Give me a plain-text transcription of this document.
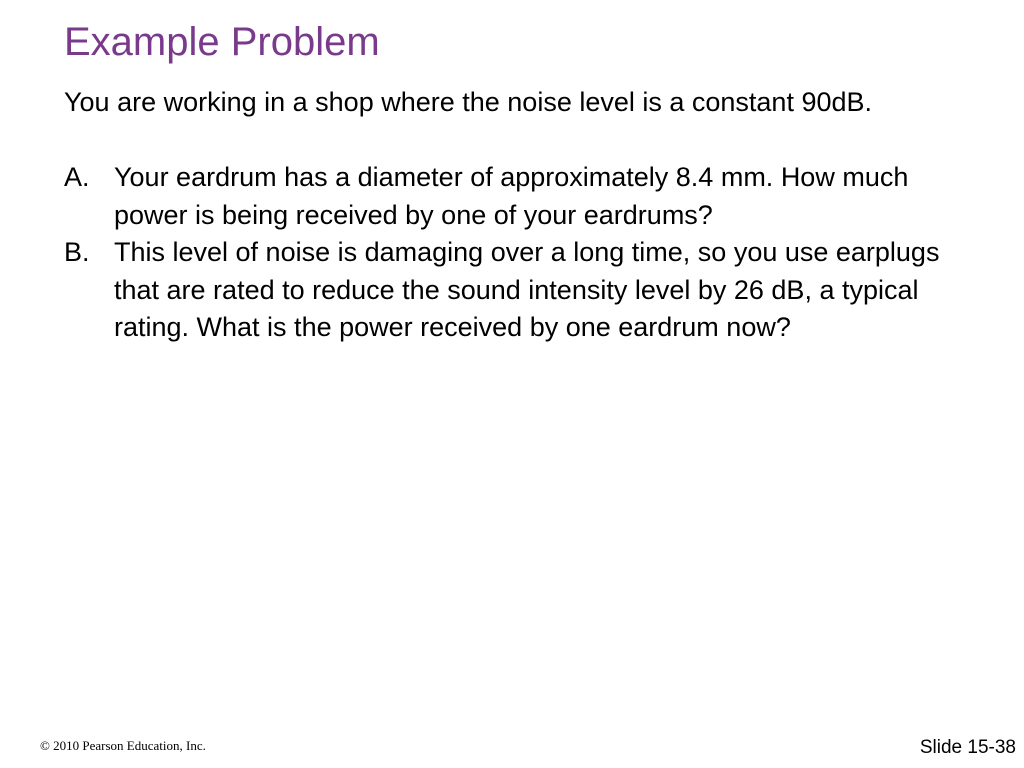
Example Problem
You are working in a shop where the noise level is a constant 90dB.
A. Your eardrum has a diameter of approximately 8.4 mm. How much power is being received by one of your eardrums?
B. This level of noise is damaging over a long time, so you use earplugs that are rated to reduce the sound intensity level by 26 dB, a typical rating. What is the power received by one eardrum now?
© 2010 Pearson Education, Inc.	Slide 15-38
